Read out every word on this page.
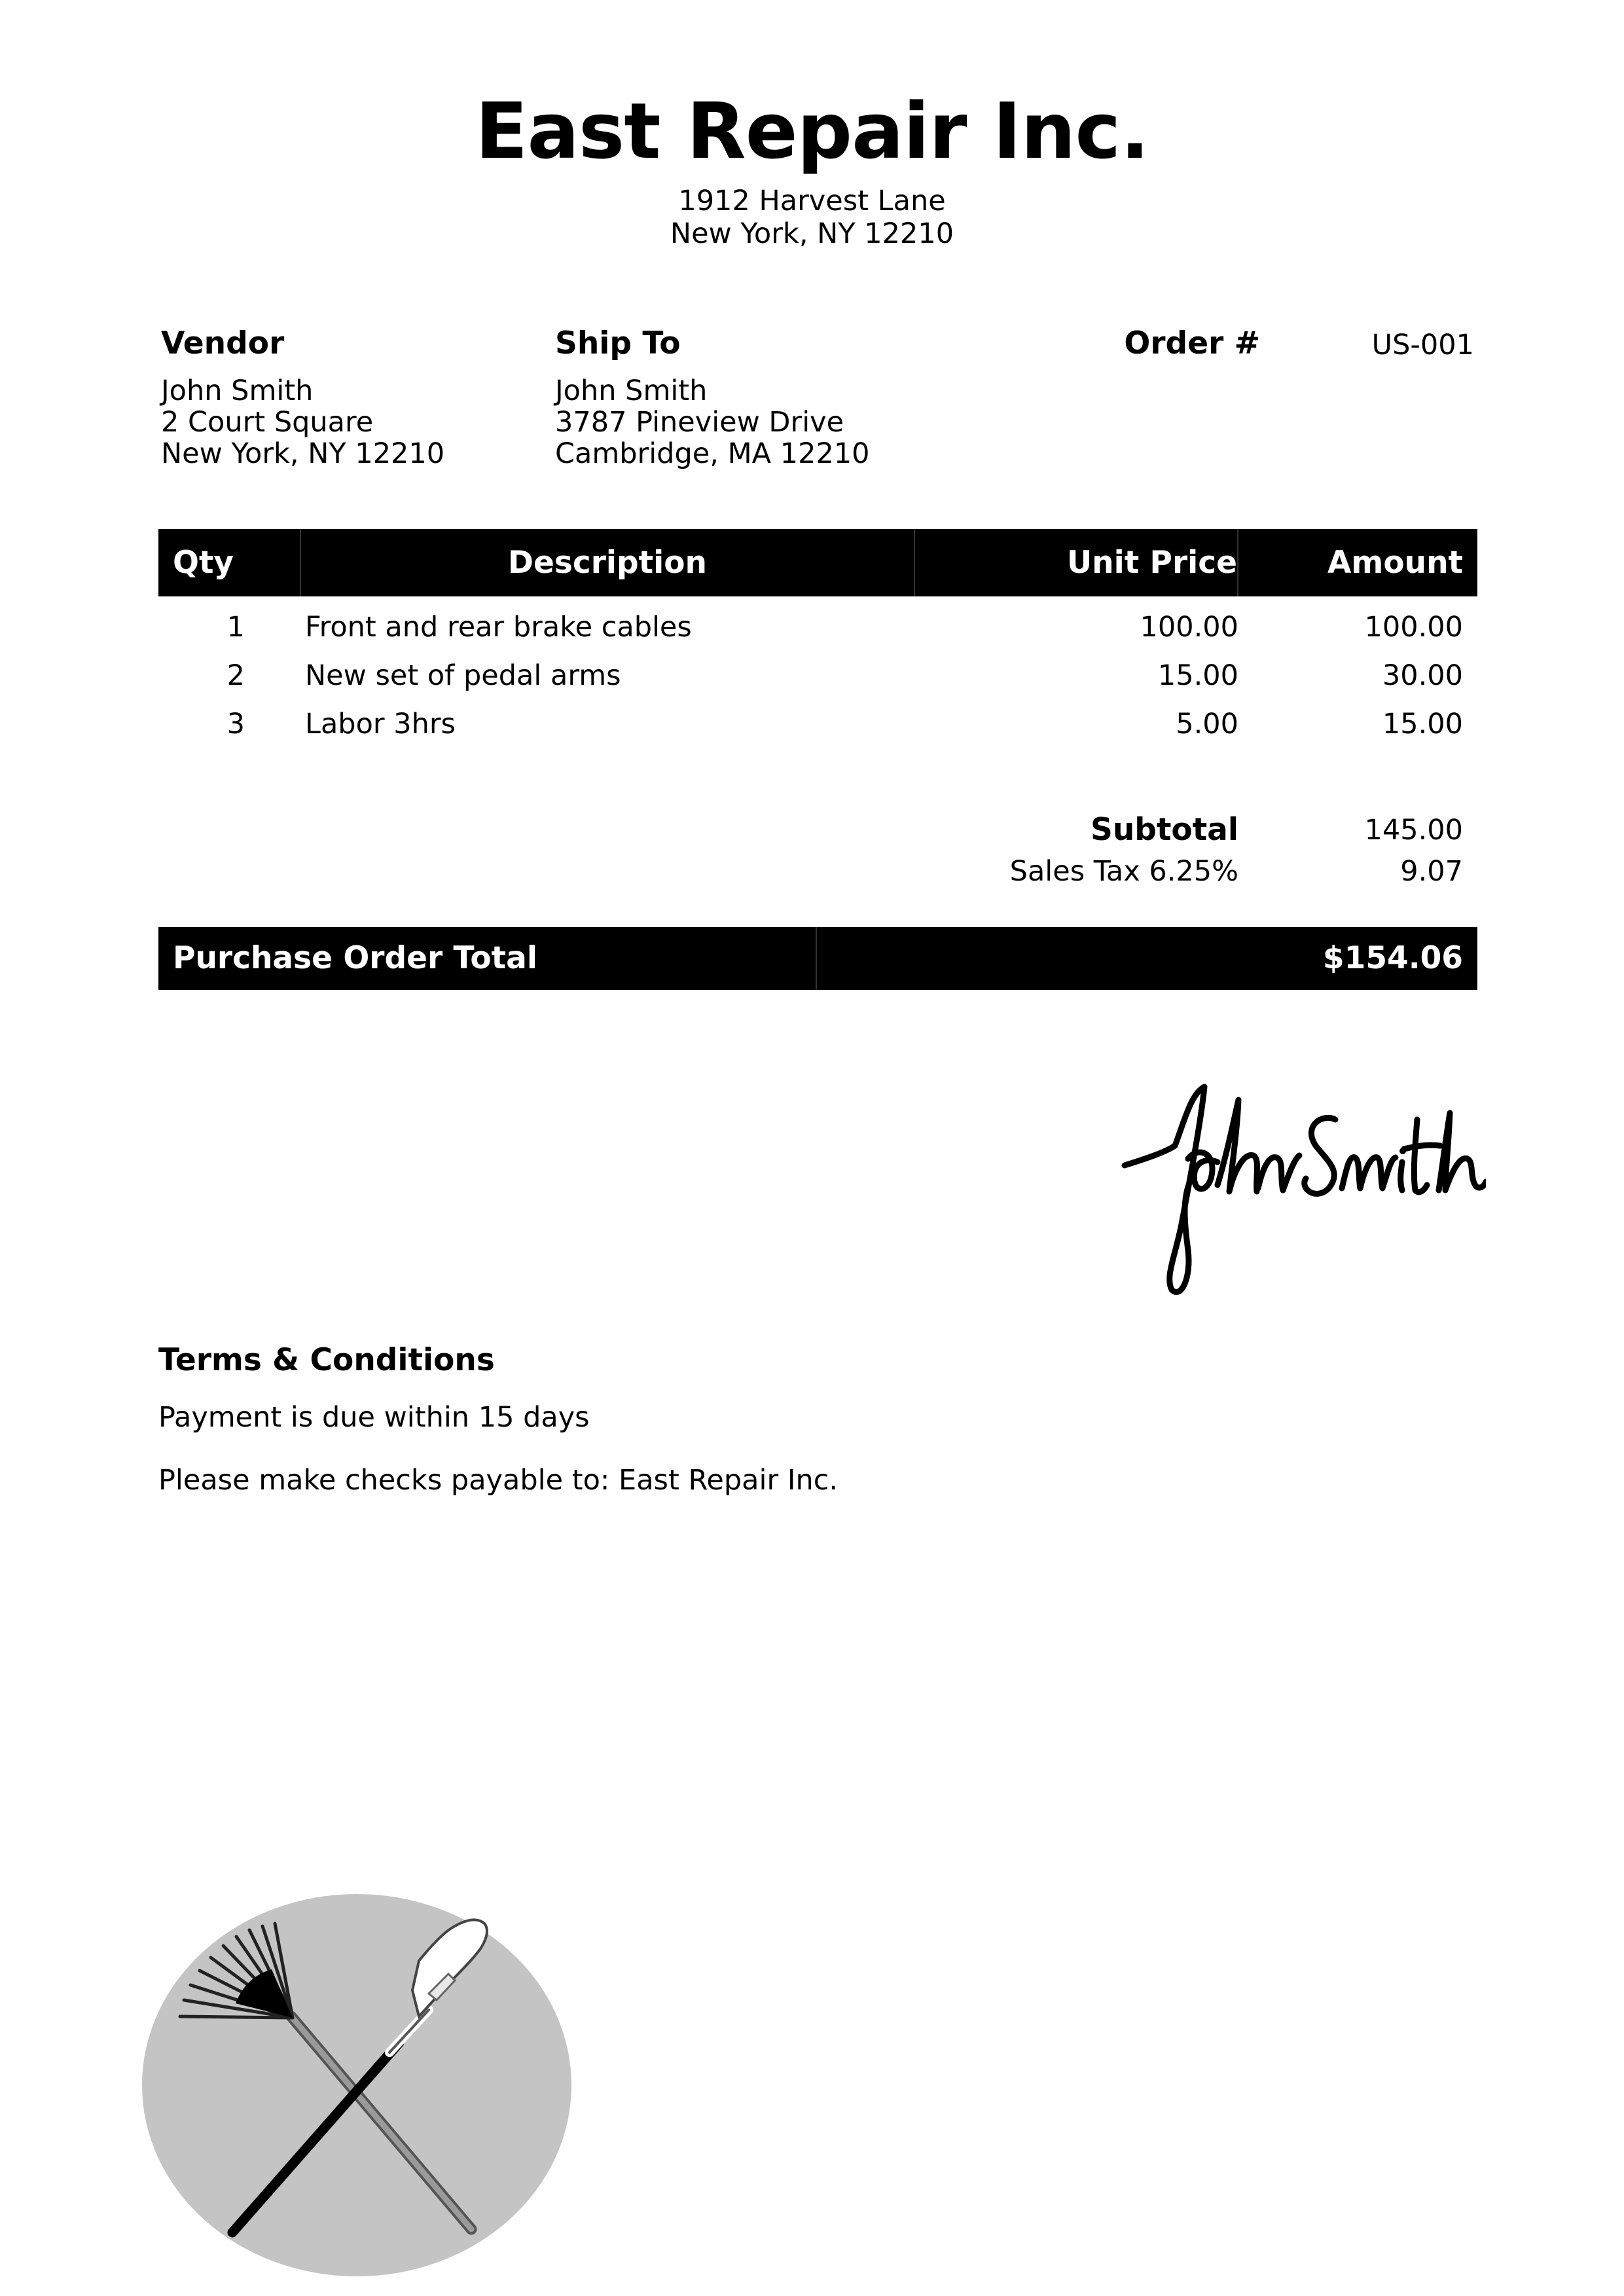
East Repair Inc.
1912 Harvest Lane
New York, NY 12210
Vendor
John Smith
2 Court Square
New York, NY 12210
Ship To
John Smith
3787 Pineview Drive
Cambridge, MA 12210
Order #	US-001
Qty	Description	Unit Price	Amount
1 Front and rear brake cables	100.00	100.00
2 New set of pedal arms	15.00	30.00
3 Labor 3hrs	5.00	15.00
Subtotal	145.00
Sales Tax 6.25%	9.07
Purchase Order Total	$154.06
Terms & Conditions
Payment is due within 15 days
Please make checks payable to: East Repair Inc.
